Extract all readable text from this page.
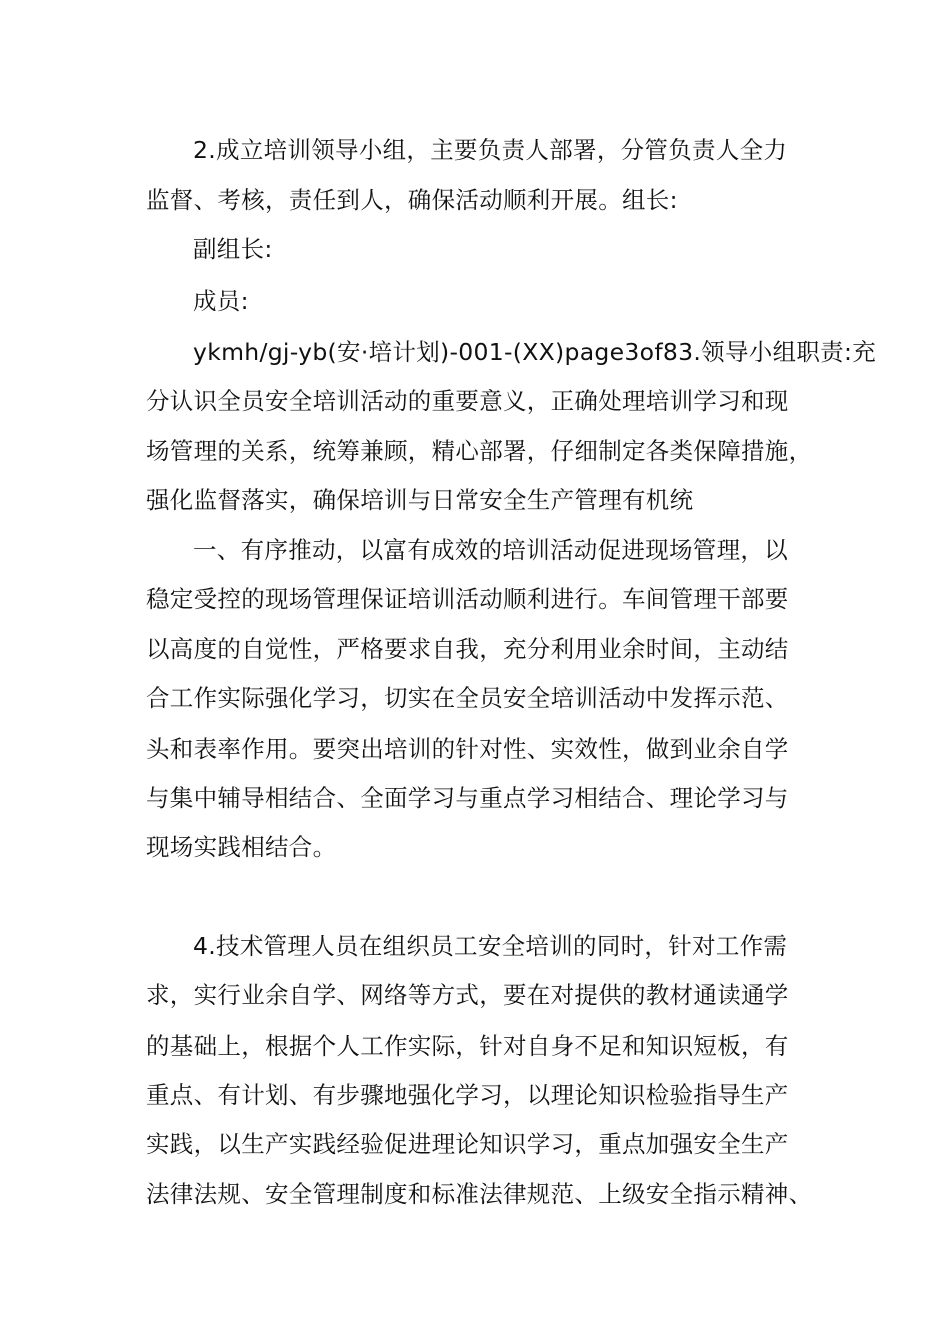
2.成立培训领导小组，主要负责人部署，分管负责人全力
监督、考核，责任到人，确保活动顺利开展。组长:
副组长:
成员:
ykmh/gj-yb(安·培计划)-001-(XX)page3of83.领导小组职责:充
分认识全员安全培训活动的重要意义，正确处理培训学习和现
场管理的关系，统筹兼顾，精心部署，仔细制定各类保障措施，
强化监督落实，确保培训与日常安全生产管理有机统
一、有序推动，以富有成效的培训活动促进现场管理，以
稳定受控的现场管理保证培训活动顺利进行。车间管理干部要
以高度的自觉性，严格要求自我，充分利用业余时间，主动结
合工作实际强化学习，切实在全员安全培训活动中发挥示范、
头和表率作用。要突出培训的针对性、实效性，做到业余自学
与集中辅导相结合、全面学习与重点学习相结合、理论学习与
现场实践相结合。
4.技术管理人员在组织员工安全培训的同时，针对工作需
求，实行业余自学、网络等方式，要在对提供的教材通读通学
的基础上，根据个人工作实际，针对自身不足和知识短板，有
重点、有计划、有步骤地强化学习，以理论知识检验指导生产
实践，以生产实践经验促进理论知识学习，重点加强安全生产
法律法规、安全管理制度和标准法律规范、上级安全指示精神、
